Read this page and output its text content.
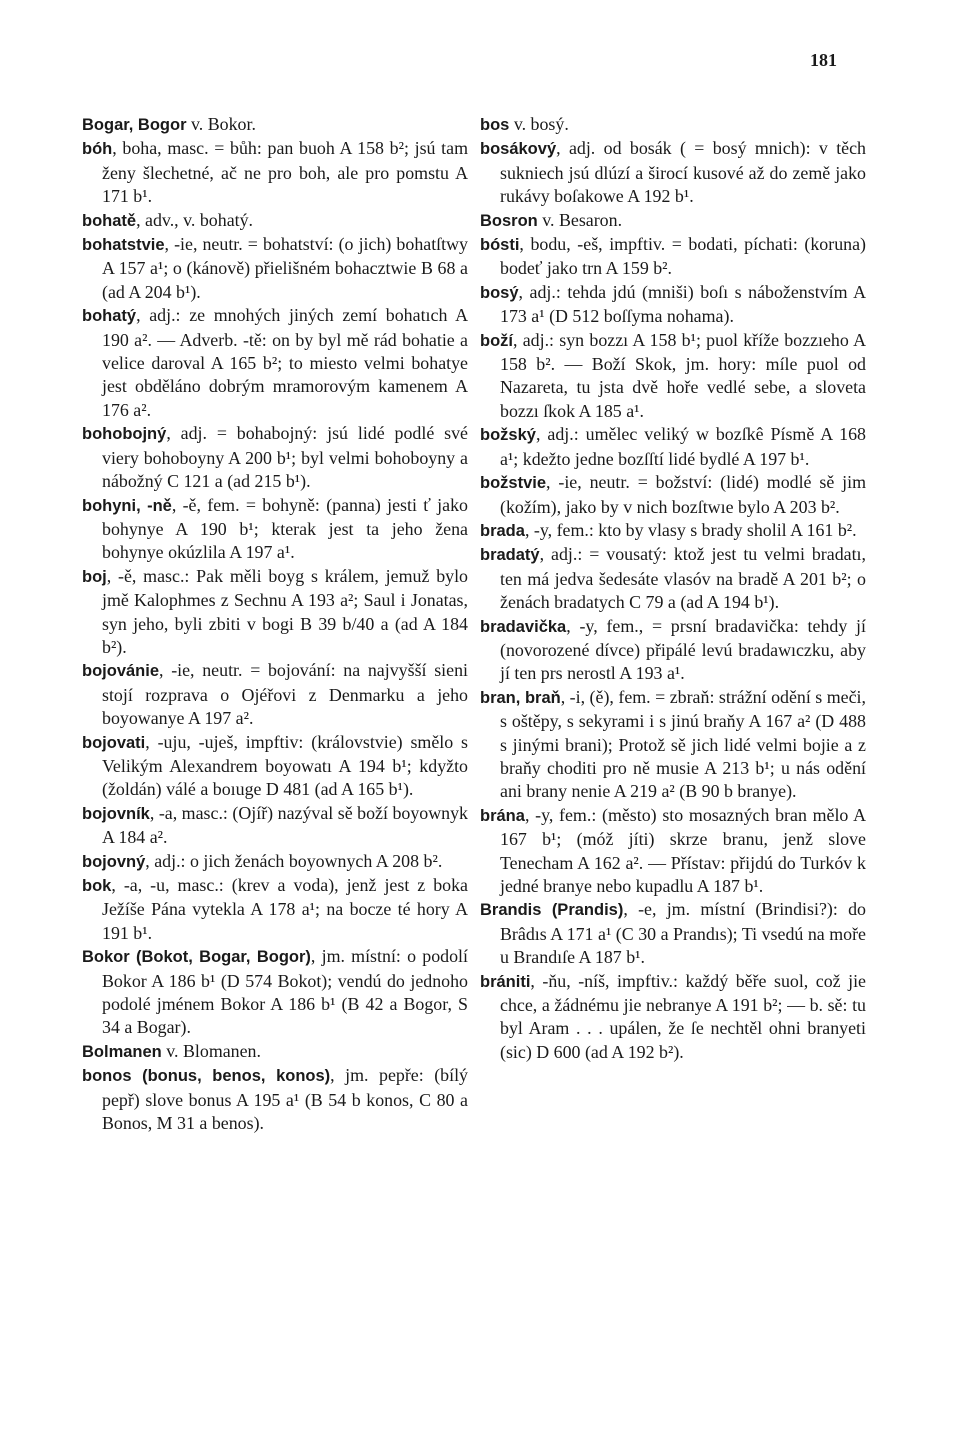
181
Bogar, Bogor v. Bokor.
bóh, boha, masc. = bůh: pan buoh A 158 b²; jsú tam ženy šlechetné, ač ne pro boh, ale pro pomstu A 171 b¹.
bohatě, adv., v. bohatý.
bohatstvie, -ie, neutr. = bohatství: (o jich) bohatſtwy A 157 a¹; o (kánově) přielišném bohacztwie B 68 a (ad A 204 b¹).
bohatý, adj.: ze mnohých jiných zemí bohatıch A 190 a². — Adverb. -tě: on by byl mě rád bohatie a velice daroval A 165 b²; to miesto velmi bohatye jest obděláno dobrým mramorovým kamenem A 176 a².
bohobojný, adj. = bohabojný: jsú lidé podlé své viery bohoboyny A 200 b¹; byl velmi bohoboyny a nábožný C 121 a (ad 215 b¹).
bohyni, -ně, -ě, fem. = bohyně: (panna) jesti ť jako bohynye A 190 b¹; kterak jest ta jeho žena bohynye okúzlila A 197 a¹.
boj, -ě, masc.: Pak měli boyg s králem, jemuž bylo jmě Kalophmes z Sechnu A 193 a²; Saul i Jonatas, syn jeho, byli zbiti v bogi B 39 b/40 a (ad A 184 b²).
bojovánie, -ie, neutr. = bojování: na najvyšší sieni stojí rozprava o Ojéřovi z Denmarku a jeho boyowanye A 197 a².
bojovati, -uju, -uješ, impftiv: (královstvie) smělo s Velikým Alexandrem boyowatı A 194 b¹; kdyžto (žoldán) válé a boıuge D 481 (ad A 165 b¹).
bojovník, -a, masc.: (Ojíř) nazýval sě boží boyownyk A 184 a².
bojovný, adj.: o jich ženách boyownych A 208 b².
bok, -a, -u, masc.: (krev a voda), jenž jest z boka Ježíše Pána vytekla A 178 a¹; na bocze té hory A 191 b¹.
Bokor (Bokot, Bogar, Bogor), jm. místní: o podolí Bokor A 186 b¹ (D 574 Bokot); vendú do jednoho podolé jménem Bokor A 186 b¹ (B 42 a Bogor, S 34 a Bogar).
Bolmanen v. Blomanen.
bonos (bonus, benos, konos), jm. pepře: (bílý pepř) slove bonus A 195 a¹ (B 54 b konos, C 80 a Bonos, M 31 a benos).
bos v. bosý.
bosákový, adj. od bosák ( = bosý mnich): v těch sukniech jsú dlúzí a širocí kusové až do země jako rukávy boſakowe A 192 b¹.
Bosron v. Besaron.
bósti, bodu, -eš, impftiv. = bodati, píchati: (koruna) bodeť jako trn A 159 b².
bosý, adj.: tehda jdú (mniši) boſı s náboženstvím A 173 a¹ (D 512 boſſyma nohama).
boží, adj.: syn bozzı A 158 b¹; puol kříže bozzıeho A 158 b². — Boží Skok, jm. hory: míle puol od Nazareta, tu jsta dvě hoře vedlé sebe, a sloveta bozzı ſkok A 185 a¹.
božský, adj.: umělec veliký w bozſkê Písmě A 168 a¹; kdežto jedne bozſſtí lidé bydlé A 197 b¹.
božstvie, -ie, neutr. = božství: (lidé) modlé sě jim (kožím), jako by v nich bozſtwıe bylo A 203 b².
brada, -y, fem.: kto by vlasy s brady sholil A 161 b².
bradatý, adj.: = vousatý: ktož jest tu velmi bradatı, ten má jedva šedesáte vlasóv na bradě A 201 b²; o ženách bradatych C 79 a (ad A 194 b¹).
bradavička, -y, fem., = prsní bradavička: tehdy jí (novorozené dívce) připálé levú bradawıczku, aby jí ten prs nerostl A 193 a¹.
bran, braň, -i, (ě), fem. = zbraň: strážní odění s meči, s oštěpy, s sekyrami i s jinú braňy A 167 a² (D 488 s jinými brani); Protož sě jich lidé velmi bojie a z braňy choditi pro ně musie A 213 b¹; u nás odění ani brany nenie A 219 a² (B 90 b branye).
brána, -y, fem.: (město) sto mosazných bran mělo A 167 b¹; (móž jíti) skrze branu, jenž slove Tenecham A 162 a². — Přístav: přijdú do Turkóv k jedné branye nebo kupadlu A 187 b¹.
Brandis (Prandis), -e, jm. místní (Brindisi?): do Brâdıs A 171 a¹ (C 30 a Prandıs); Ti vsedú na moře u Brandıſe A 187 b¹.
brániti, -ňu, -níš, impftiv.: každý běře suol, což jie chce, a žádnému jie nebranye A 191 b²; — b. sě: tu byl Aram . . . upálen, že ſe nechtěl ohni branyeti (sic) D 600 (ad A 192 b²).
